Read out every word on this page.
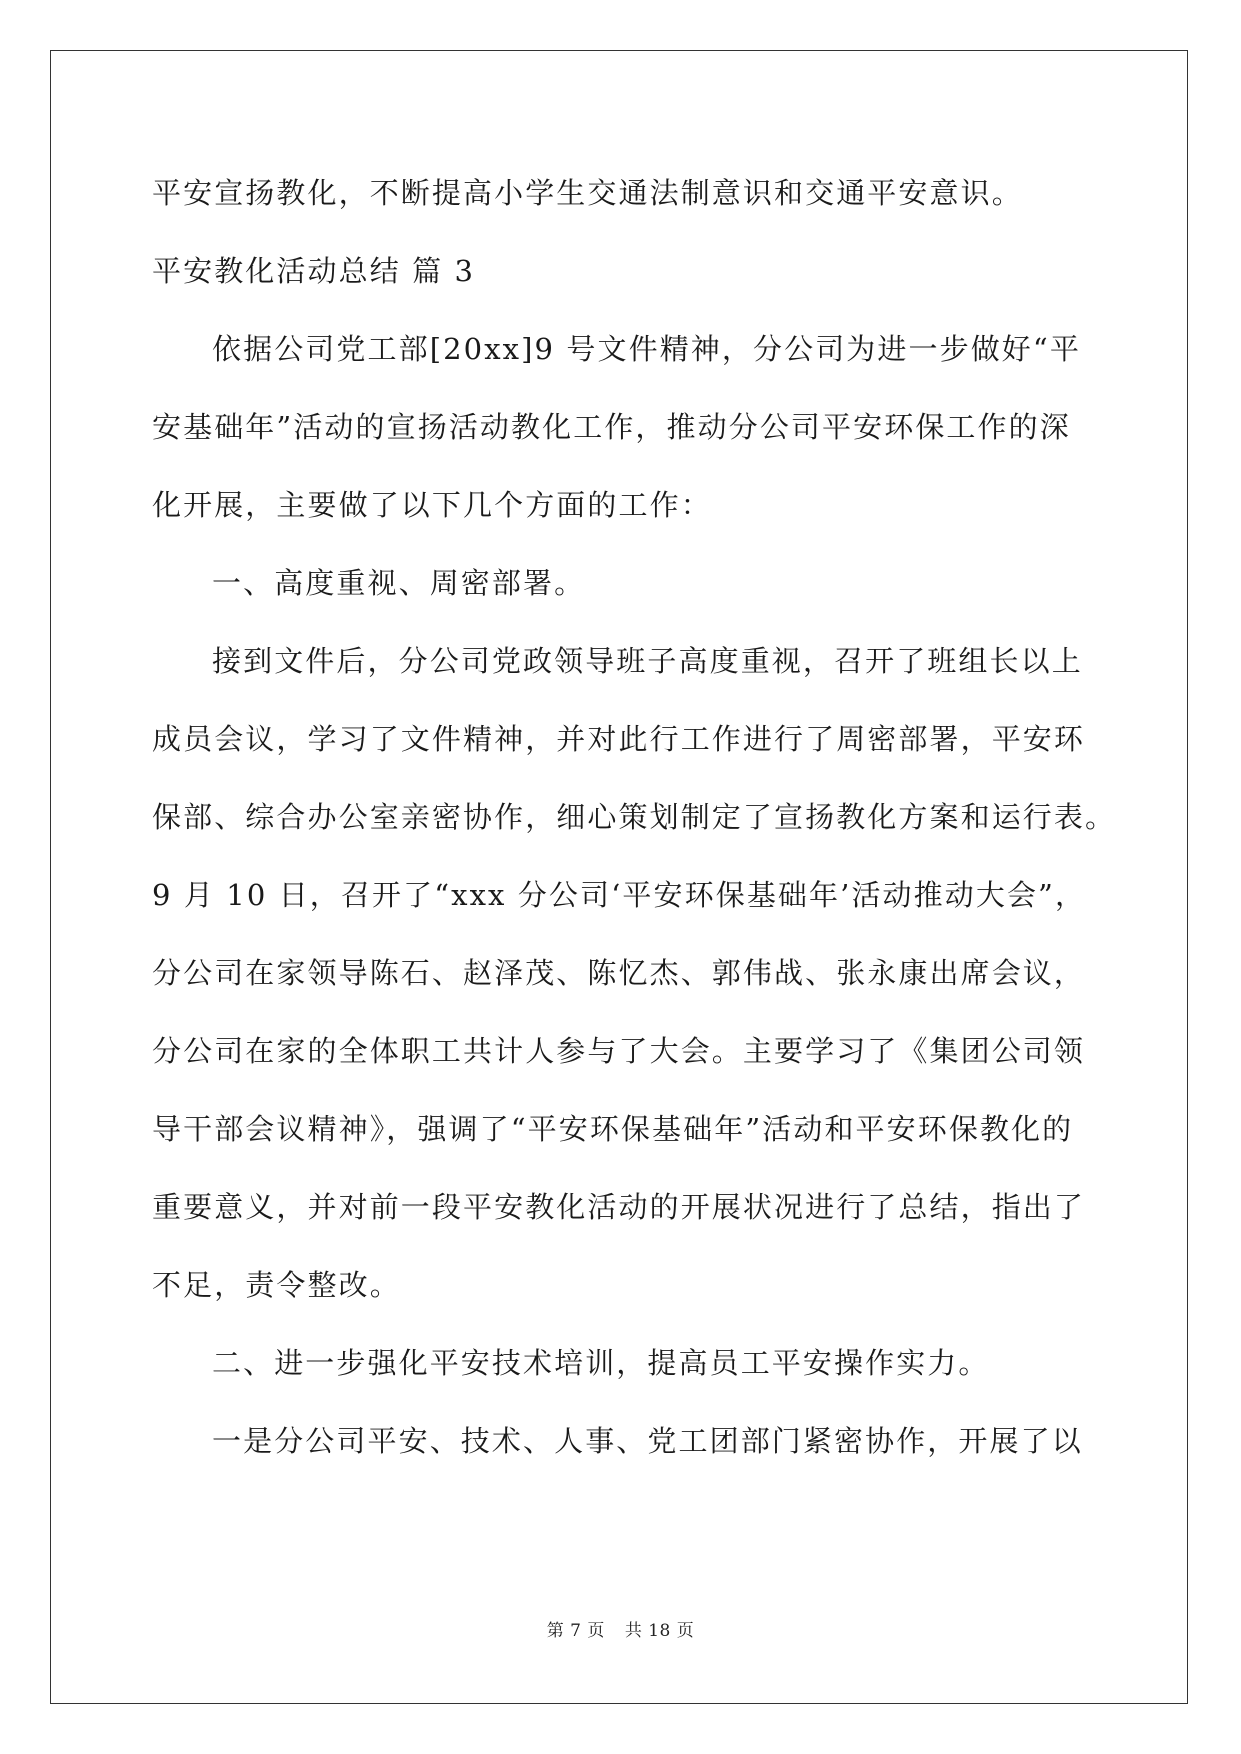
平安宣扬教化，不断提高小学生交通法制意识和交通平安意识。
平安教化活动总结 篇 3
依据公司党工部[20xx]9 号文件精神，分公司为进一步做好“平
安基础年”活动的宣扬活动教化工作，推动分公司平安环保工作的深
化开展，主要做了以下几个方面的工作：
一、高度重视、周密部署。
接到文件后，分公司党政领导班子高度重视，召开了班组长以上
成员会议，学习了文件精神，并对此行工作进行了周密部署，平安环
保部、综合办公室亲密协作，细心策划制定了宣扬教化方案和运行表。
9 月 10 日，召开了“xxx 分公司‘平安环保基础年’活动推动大会”，
分公司在家领导陈石、赵泽茂、陈忆杰、郭伟战、张永康出席会议，
分公司在家的全体职工共计人参与了大会。主要学习了《集团公司领
导干部会议精神》，强调了“平安环保基础年”活动和平安环保教化的
重要意义，并对前一段平安教化活动的开展状况进行了总结，指出了
不足，责令整改。
二、进一步强化平安技术培训，提高员工平安操作实力。
一是分公司平安、技术、人事、党工团部门紧密协作，开展了以
第 7 页 共 18 页
